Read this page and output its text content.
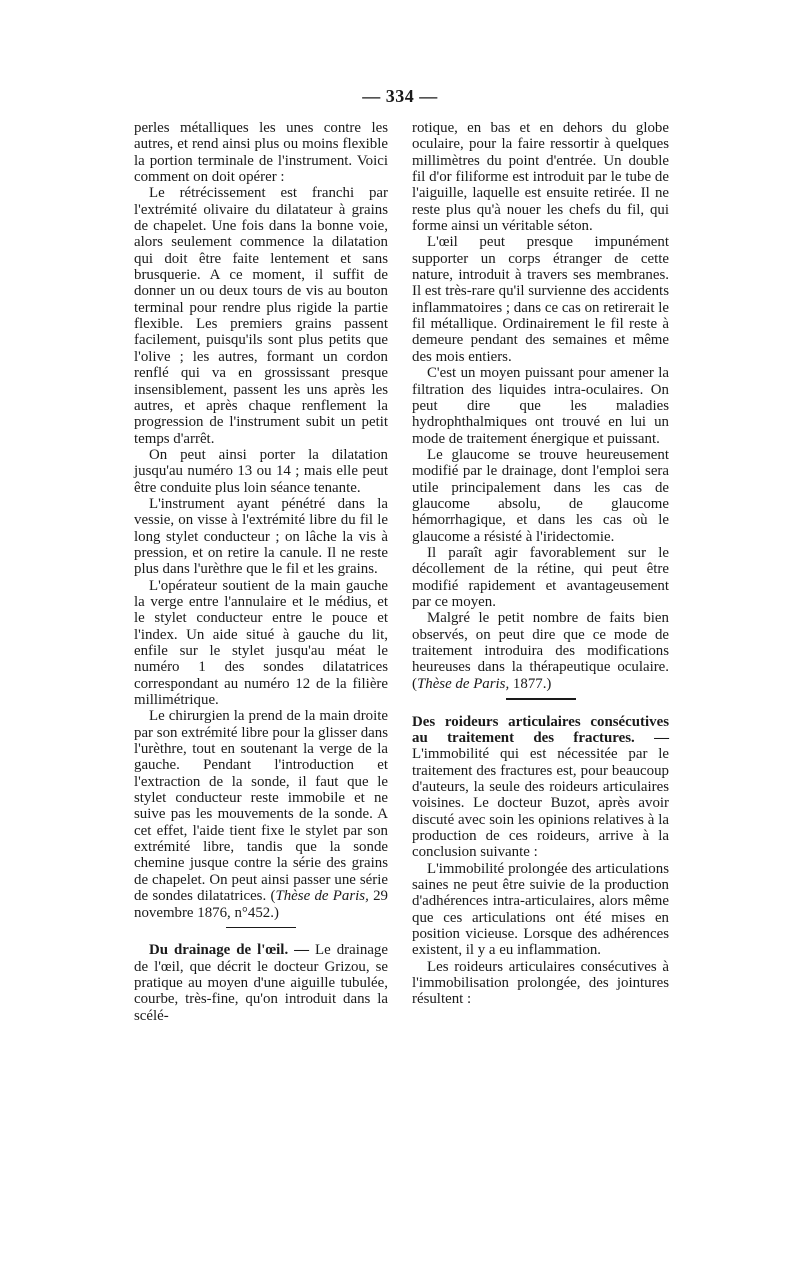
— 334 —

perles métalliques les unes contre les autres, et rend ainsi plus ou moins flexible la portion terminale de l'instrument. Voici comment on doit opérer :

Le rétrécissement est franchi par l'extrémité olivaire du dilatateur à grains de chapelet. Une fois dans la bonne voie, alors seulement commence la dilatation qui doit être faite lentement et sans brusquerie. A ce moment, il suffit de donner un ou deux tours de vis au bouton terminal pour rendre plus rigide la partie flexible. Les premiers grains passent facilement, puisqu'ils sont plus petits que l'olive ; les autres, formant un cordon renflé qui va en grossissant presque insensiblement, passent les uns après les autres, et après chaque renflement la progression de l'instrument subit un petit temps d'arrêt.

On peut ainsi porter la dilatation jusqu'au numéro 13 ou 14 ; mais elle peut être conduite plus loin séance tenante.

L'instrument ayant pénétré dans la vessie, on visse à l'extrémité libre du fil le long stylet conducteur ; on lâche la vis à pression, et on retire la canule. Il ne reste plus dans l'urèthre que le fil et les grains.

L'opérateur soutient de la main gauche la verge entre l'annulaire et le médius, et le stylet conducteur entre le pouce et l'index. Un aide situé à gauche du lit, enfile sur le stylet jusqu'au méat le numéro 1 des sondes dilatatrices correspondant au numéro 12 de la filière millimétrique.

Le chirurgien la prend de la main droite par son extrémité libre pour la glisser dans l'urèthre, tout en soutenant la verge de la gauche. Pendant l'introduction et l'extraction de la sonde, il faut que le stylet conducteur reste immobile et ne suive pas les mouvements de la sonde. A cet effet, l'aide tient fixe le stylet par son extrémité libre, tandis que la sonde chemine jusque contre la série des grains de chapelet. On peut ainsi passer une série de sondes dilatatrices. (Thèse de Paris, 29 novembre 1876, n°452.)

Du drainage de l'œil. — Le drainage de l'œil, que décrit le docteur Grizou, se pratique au moyen d'une aiguille tubulée, courbe, très-fine, qu'on introduit dans la scélé-

rotique, en bas et en dehors du globe oculaire, pour la faire ressortir à quelques millimètres du point d'entrée. Un double fil d'or filiforme est introduit par le tube de l'aiguille, laquelle est ensuite retirée. Il ne reste plus qu'à nouer les chefs du fil, qui forme ainsi un véritable séton.

L'œil peut presque impunément supporter un corps étranger de cette nature, introduit à travers ses membranes. Il est très-rare qu'il survienne des accidents inflammatoires ; dans ce cas on retirerait le fil métallique. Ordinairement le fil reste à demeure pendant des semaines et même des mois entiers.

C'est un moyen puissant pour amener la filtration des liquides intra-oculaires. On peut dire que les maladies hydrophthalmiques ont trouvé en lui un mode de traitement énergique et puissant.

Le glaucome se trouve heureusement modifié par le drainage, dont l'emploi sera utile principalement dans les cas de glaucome absolu, de glaucome hémorrhagique, et dans les cas où le glaucome a résisté à l'iridectomie.

Il paraît agir favorablement sur le décollement de la rétine, qui peut être modifié rapidement et avantageusement par ce moyen.

Malgré le petit nombre de faits bien observés, on peut dire que ce mode de traitement introduira des modifications heureuses dans la thérapeutique oculaire. (Thèse de Paris, 1877.)

Des roideurs articulaires consécutives au traitement des fractures. — L'immobilité qui est nécessitée par le traitement des fractures est, pour beaucoup d'auteurs, la seule des roideurs articulaires voisines. Le docteur Buzot, après avoir discuté avec soin les opinions relatives à la production de ces roideurs, arrive à la conclusion suivante :

L'immobilité prolongée des articulations saines ne peut être suivie de la production d'adhérences intra-articulaires, alors même que ces articulations ont été mises en position vicieuse. Lorsque des adhérences existent, il y a eu inflammation.

Les roideurs articulaires consécutives à l'immobilisation prolongée, des jointures résultent :
